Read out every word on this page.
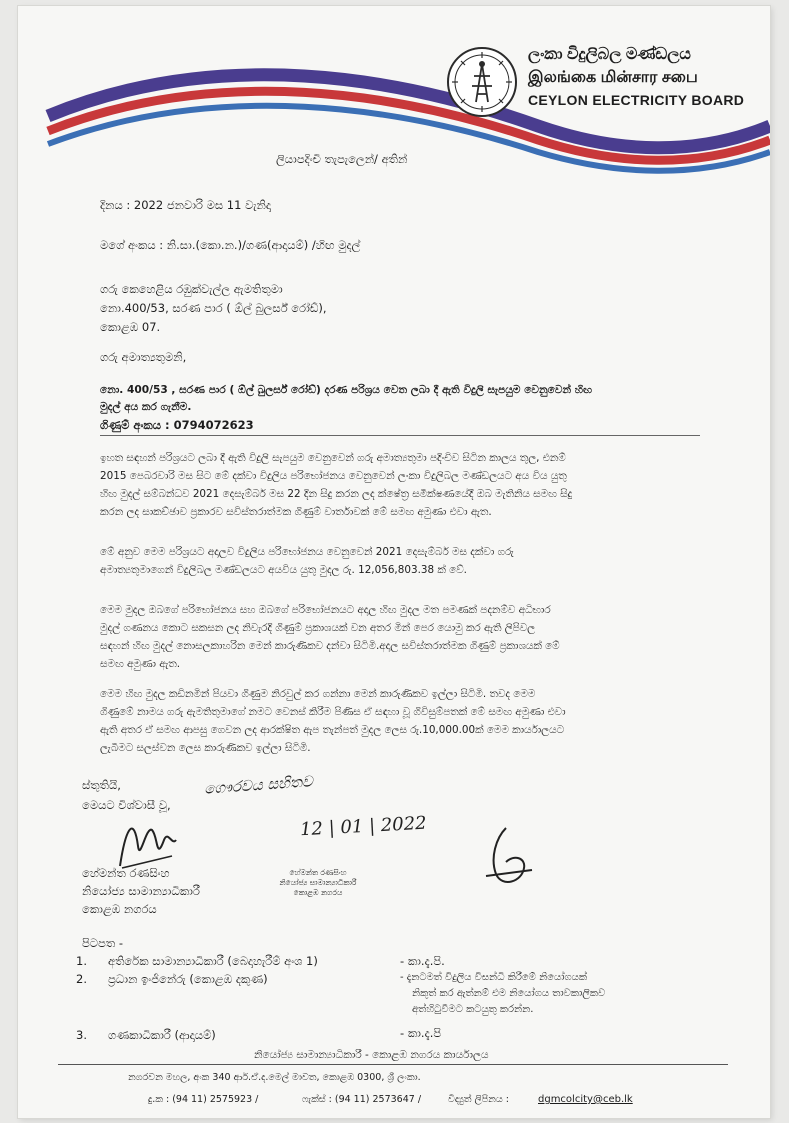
ලංකා විදුලිබල මණ්ඩලය
இலங்கை மின்சார சபை
CEYLON ELECTRICITY BOARD
ලියාපදිංචි තැපැලෙන්/ අතින්
දිනය : 2022 ජනවාරි මස 11 වැනිදා
මගේ අංකය : නි.සා.(කො.න.)/ගණ(ආදායම්) /හිඟ මුදල්
ගරු කෙහෙළිය රඹුක්වැල්ල ඇමතිතුමා
නො.400/53, සරණ පාර ( ඕල් බුලර්ස් රෝඩ්),
කොළඹ 07.
ගරු අමාත්‍යතුමනි,
නො. 400/53 , සරණ පාර ( ඕල් බුලර්ස් රෝඩ්) දරණ පරිශ්‍රය වෙත ලබා දී ඇති විදුලි සැපයුම වෙනුවෙන් හිඟ
මුදල් අය කර ගැනීම.
ගිණුම් අංකය : 0794072623
ඉහත සඳහන් පරිශ්‍රයට ලබා දී ඇති විදුලි සැපයුම වෙනුවෙන් ගරු අමාත්‍යතුමා පදිංචිව සිටින කාලය තුල, එනම්
2015 පෙබරවාරි මස සිට මේ දක්වා විදුලිය පරිභෝජනය වෙනුවෙන් ලංකා විදුලිබල මණ්ඩලයට අය විය යුතු
හිඟ මුදල් සම්බන්ධව 2021 දෙසැම්බර් මස 22 දින සිදු කරන ලද ක්ෂේත්‍ර සමීක්ෂණයේදී ඔබ මැතිනිය සමඟ සිදු
කරන ලද සාකච්ඡාව ප්‍රකාරව සවිස්තරාත්මක ගිණුම් වාර්තාවක් මේ සමඟ අමුණා එවා ඇත.
මේ අනුව මෙම පරිශ්‍රයට අදාලව විදුලිය පරිභෝජනය වෙනුවෙන් 2021 දෙසැම්බර් මස දක්වා ගරු
අමාත්‍යතුමාගෙන් විදුලිබල මණ්ඩලයට අයවිය යුතු මුදල රු. 12,056,803.38 ක් වේ.
මෙම මුදල ඔබගේ පරිභෝජනය සහ ඔබගේ පරිභෝජනයට අදාල හිඟ මුදල මත පමණක් පදනම්ව අධිභාර
මුදල් ගණනය කොට සකසන ලද නිවැරදි ගිණුම් ප්‍රකාශයක් වන අතර මින් පෙර යොමු කර ඇති ලිපිවල
සඳහන් හිඟ මුදල් නොසලකාහරින මෙන් කාරුණිකව දන්වා සිටිමි.අදාල සවිස්තරාත්මක ගිණුම් ප්‍රකාශයක් මේ
සමඟ අමුණා ඇත.
මෙම හිඟ මුදල කඩිනමින් පියවා ගිණුම නිරවුල් කර ගන්නා මෙන් කාරුණිකව ඉල්ලා සිටිමි. තවද මෙම
ගිණුමේ නාමය ගරු ඇමතිතුමාගේ නමට වෙනස් කිරීම පිණිස ඒ සඳහා වූ ගිවිසුම්පතක් මේ සමඟ අමුණා එවා
ඇති අතර ඒ සමඟ ආපසු ගෙවන ලද ආරක්ෂිත ඇප තැන්පත් මුදල ලෙස රු.10,000.00ක් මෙම කාර්යාලයට
ලැබීමට සලස්වන ලෙස කාරුණිකව ඉල්ලා සිටිමි.
ස්තුතියි,
මෙයට විශ්වාසී වූ,
ගෞරවය සහිතව
12 | 01 | 2022
හේමන්ත රණසිංහ
නියෝජ්‍ය සාමාන්‍යාධිකාරී
කොළඹ නගරය
හේමන්ත රණසිංහ
නියෝජ්‍ය සාමාන්‍යාධිකාරී
කොළඹ නගරය
පිටපත -
1. අතිරේක සාමාන්‍යාධිකාරී (බෙදාහැරීම් අංශ 1)	- කා.දැ.පි.
2. ප්‍රධාන ඉංජිනේරු (කොළඹ දකුණ)	- දැනටමත් විදුලිය විසන්ධි කිරීමේ නියෝගයක්
නිකුත් කර ඇත්නම් එම නියෝගය තාවකාලිකව
අත්හිටුවීමට කටයුතු කරන්න.
3. ගණකාධිකාරී (ආදායම්)	- කා.දැ.පි
නියෝජ්‍ය සාමාන්‍යාධිකාරී - කොළඹ නගරය කාර්යාලය
නගරවන මහල, අංක 340 ආර්.ඒ.ද.මෙල් මාවත, කොළඹ 0300, ශ්‍රී ලංකා.
දු.ක : (94 11) 2575923 /	ෆැක්ස් : (94 11) 2573647 /	විද්‍යුත් ලිපිනය :	dgmcolcity@ceb.lk
